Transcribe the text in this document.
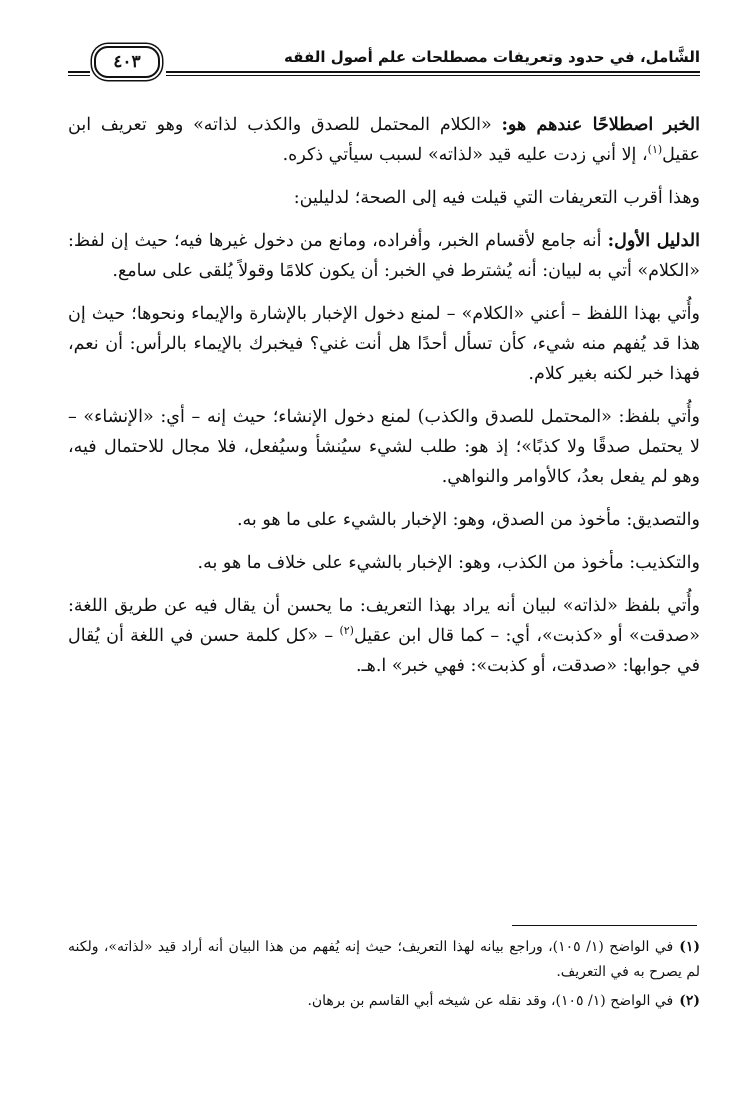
الشَّامل، في حدود وتعريفات مصطلحات علم أصول الفقه
٤٠٣

الخبر اصطلاحًا عندهم هو: «الكلام المحتمل للصدق والكذب لذاته» وهو تعريف ابن عقيل$^{(١)}$، إلا أني زدت عليه قيد «لذاته» لسبب سيأتي ذكره.

وهذا أقرب التعريفات التي قيلت فيه إلى الصحة؛ لدليلين:

الدليل الأول: أنه جامع لأقسام الخبر، وأفراده، ومانع من دخول غيرها فيه؛ حيث إن لفظ: «الكلام» أتي به لبيان: أنه يُشترط في الخبر: أن يكون كلامًا وقولاً يُلقى على سامع.

وأُتي بهذا اللفظ – أعني «الكلام» – لمنع دخول الإخبار بالإشارة والإيماء ونحوها؛ حيث إن هذا قد يُفهم منه شيء، كأن تسأل أحدًا هل أنت غني؟ فيخبرك بالإيماء بالرأس: أن نعم، فهذا خبر لكنه بغير كلام.

وأُتي بلفظ: «المحتمل للصدق والكذب) لمنع دخول الإنشاء؛ حيث إنه – أي: «الإنشاء» – لا يحتمل صدقًا ولا كذبًا»؛ إذ هو: طلب لشيء سيُنشأ وسيُفعل، فلا مجال للاحتمال فيه، وهو لم يفعل بعدُ، كالأوامر والنواهي.

والتصديق: مأخوذ من الصدق، وهو: الإخبار بالشيء على ما هو به.

والتكذيب: مأخوذ من الكذب، وهو: الإخبار بالشيء على خلاف ما هو به.

وأُتي بلفظ «لذاته» لبيان أنه يراد بهذا التعريف: ما يحسن أن يقال فيه عن طريق اللغة: «صدقت» أو «كذبت»، أي: – كما قال ابن عقيل$^{(٢)}$ – «كل كلمة حسن في اللغة أن يُقال في جوابها: «صدقت، أو كذبت»: فهي خبر» ا.هـ.

(١)في الواضح (١/ ١٠٥)، وراجع بيانه لهذا التعريف؛ حيث إنه يُفهم من هذا البيان أنه أراد قيد «لذاته»، ولكنه لم يصرح به في التعريف.
(٢)في الواضح (١/ ١٠٥)، وقد نقله عن شيخه أبي القاسم بن برهان.
